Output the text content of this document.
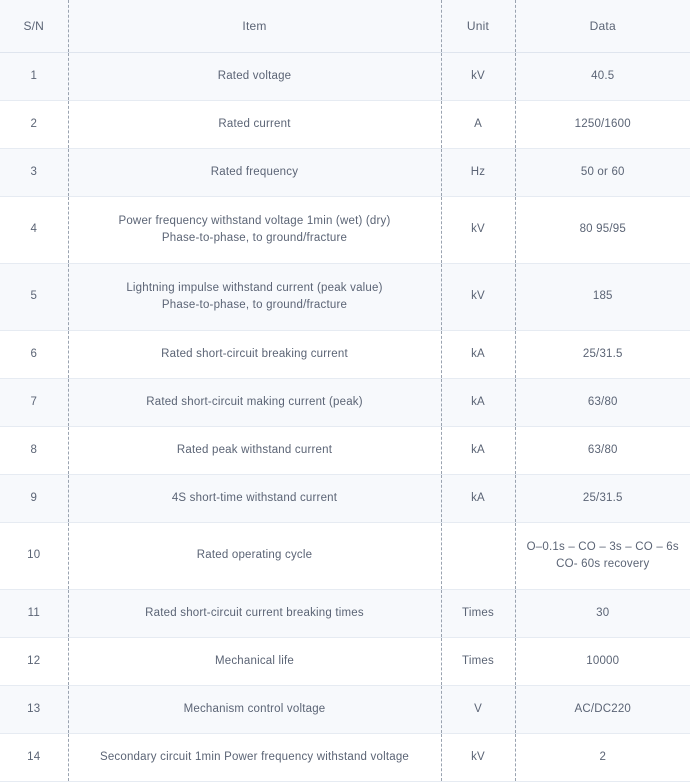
S/N	Item	Unit	Data
1	Rated voltage	kV	40.5

2	Rated current	A	1250/1600

3	Rated frequency	Hz	50 or 60

4	Power frequency withstand voltage 1min (wet) (dry)
Phase-to-phase, to ground/fracture	kV	80 95/95

5	Lightning impulse withstand current (peak value)
Phase-to-phase, to ground/fracture	kV	185

6	Rated short-circuit breaking current	kA	25/31.5

7	Rated short-circuit making current (peak)	kA	63/80

8	Rated peak withstand current	kA	63/80

9	4S short-time withstand current	kA	25/31.5

10	Rated operating cycle		O–0.1s – CO – 3s – CO – 6s
CO- 60s recovery

11	Rated short-circuit current breaking times	Times	30

12	Mechanical life	Times	10000

13	Mechanism control voltage	V	AC/DC220

14	Secondary circuit 1min Power frequency withstand voltage	kV	2
